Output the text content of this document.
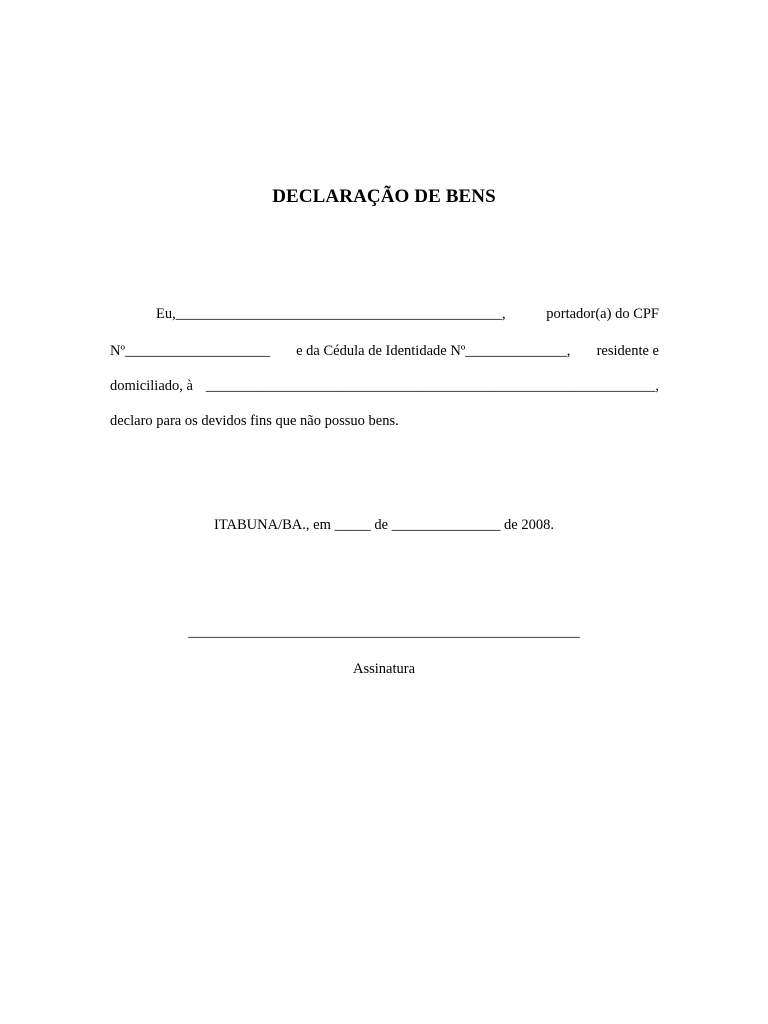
DECLARAÇÃO DE BENS
Eu,_____________________________________________,	portador(a) do CPF
Nº____________________ e da Cédula de Identidade Nº______________, residente e
domiciliado, à ______________________________________________________________,
declaro para os devidos fins que não possuo bens.
ITABUNA/BA., em _____ de _______________ de 2008.
______________________________________________________
Assinatura
